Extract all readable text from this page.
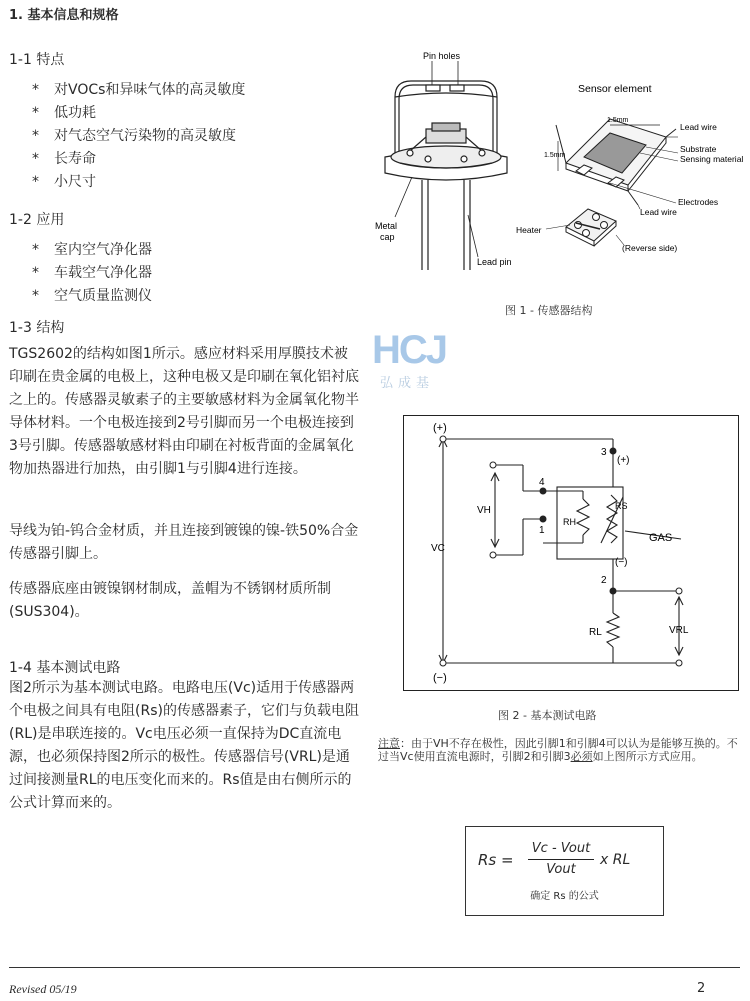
1. 基本信息和规格
1-1 特点
* 对VOCs和异味气体的高灵敏度
* 低功耗
* 对气态空气污染物的高灵敏度
* 长寿命
* 小尺寸
1-2 应用
* 室内空气净化器
* 车载空气净化器
* 空气质量监测仪
1-3 结构
TGS2602的结构如图1所示。感应材料采用厚膜技术被印刷在贵金属的电极上，这种电极又是印刷在氧化铝衬底之上的。传感器灵敏素子的主要敏感材料为金属氧化物半导体材料。一个电极连接到2号引脚而另一个电极连接到3号引脚。传感器敏感材料由印刷在衬板背面的金属氧化物加热器进行加热，由引脚1与引脚4进行连接。
导线为铂-钨合金材质，并且连接到镀镍的镍-铁50%合金传感器引脚上。
传感器底座由镀镍钢材制成，盖帽为不锈钢材质所制(SUS304)。
1-4 基本测试电路
图2所示为基本测试电路。电路电压(Vc)适用于传感器两个电极之间具有电阻(Rs)的传感器素子，它们与负载电阻(RL)是串联连接的。Vc电压必须一直保持为DC直流电源，也必须保持图2所示的极性。传感器信号(VRL)是通过间接测量RL的电压变化而来的。Rs值是由右侧所示的公式计算而来的。
Pin holes
Metal
cap
Lead pin
Sensor element
1.5mm
1.5mm
Lead wire
Substrate
Sensing material
Electrodes
Lead wire
Heater
(Reverse side)
图 1 - 传感器结构
HCJ
弘成基
(+)
(−)
3
(+)
4
1
2
(−)
VH
RH
RS
GAS
VC
RL	VRL
图 2 - 基本测试电路
注意：由于VH不存在极性，因此引脚1和引脚4可以认为是能够互换的。不过当Vc使用直流电源时，引脚2和引脚3必须如上图所示方式应用。
Rs =
Vc - Vout
Vout
x RL
确定 Rs 的公式
Revised 05/19	2
